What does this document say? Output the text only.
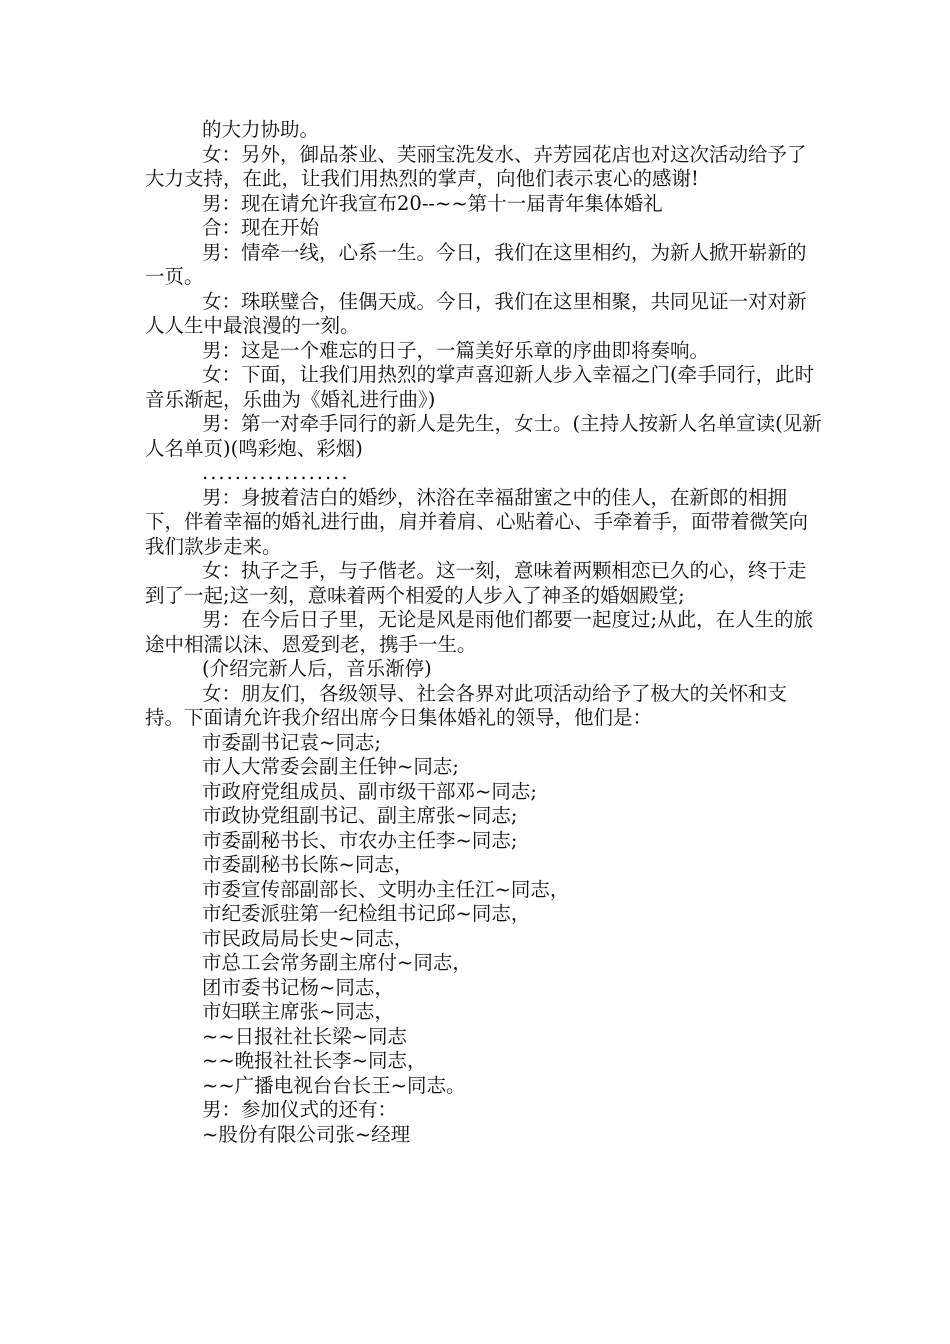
的大力协助。

女：另外，御品茶业、芙丽宝洗发水、卉芳园花店也对这次活动给予了大力支持，在此，让我们用热烈的掌声，向他们表示衷心的感谢!

男：现在请允许我宣布20--~~第十一届青年集体婚礼

合：现在开始

男：情牵一线，心系一生。今日，我们在这里相约，为新人掀开崭新的一页。

女：珠联璧合，佳偶天成。今日，我们在这里相聚，共同见证一对对新人人生中最浪漫的一刻。

男：这是一个难忘的日子，一篇美好乐章的序曲即将奏响。

女：下面，让我们用热烈的掌声喜迎新人步入幸福之门(牵手同行，此时音乐渐起，乐曲为《婚礼进行曲》)

男：第一对牵手同行的新人是先生，女士。(主持人按新人名单宣读(见新人名单页)(鸣彩炮、彩烟)

..................

男：身披着洁白的婚纱，沐浴在幸福甜蜜之中的佳人，在新郎的相拥下，伴着幸福的婚礼进行曲，肩并着肩、心贴着心、手牵着手，面带着微笑向我们款步走来。

女：执子之手，与子偕老。这一刻，意味着两颗相恋已久的心，终于走到了一起;这一刻，意味着两个相爱的人步入了神圣的婚姻殿堂;

男：在今后日子里，无论是风是雨他们都要一起度过;从此，在人生的旅途中相濡以沫、恩爱到老，携手一生。

(介绍完新人后，音乐渐停)

女：朋友们，各级领导、社会各界对此项活动给予了极大的关怀和支持。下面请允许我介绍出席今日集体婚礼的领导，他们是：

市委副书记袁~同志;

市人大常委会副主任钟~同志;

市政府党组成员、副市级干部邓~同志;

市政协党组副书记、副主席张~同志;

市委副秘书长、市农办主任李~同志;

市委副秘书长陈~同志，

市委宣传部副部长、文明办主任江~同志，

市纪委派驻第一纪检组书记邱~同志，

市民政局局长史~同志，

市总工会常务副主席付~同志，

团市委书记杨~同志，

市妇联主席张~同志，

~~日报社社长梁~同志

~~晚报社社长李~同志，

~~广播电视台台长王~同志。

男：参加仪式的还有：

~股份有限公司张~经理
